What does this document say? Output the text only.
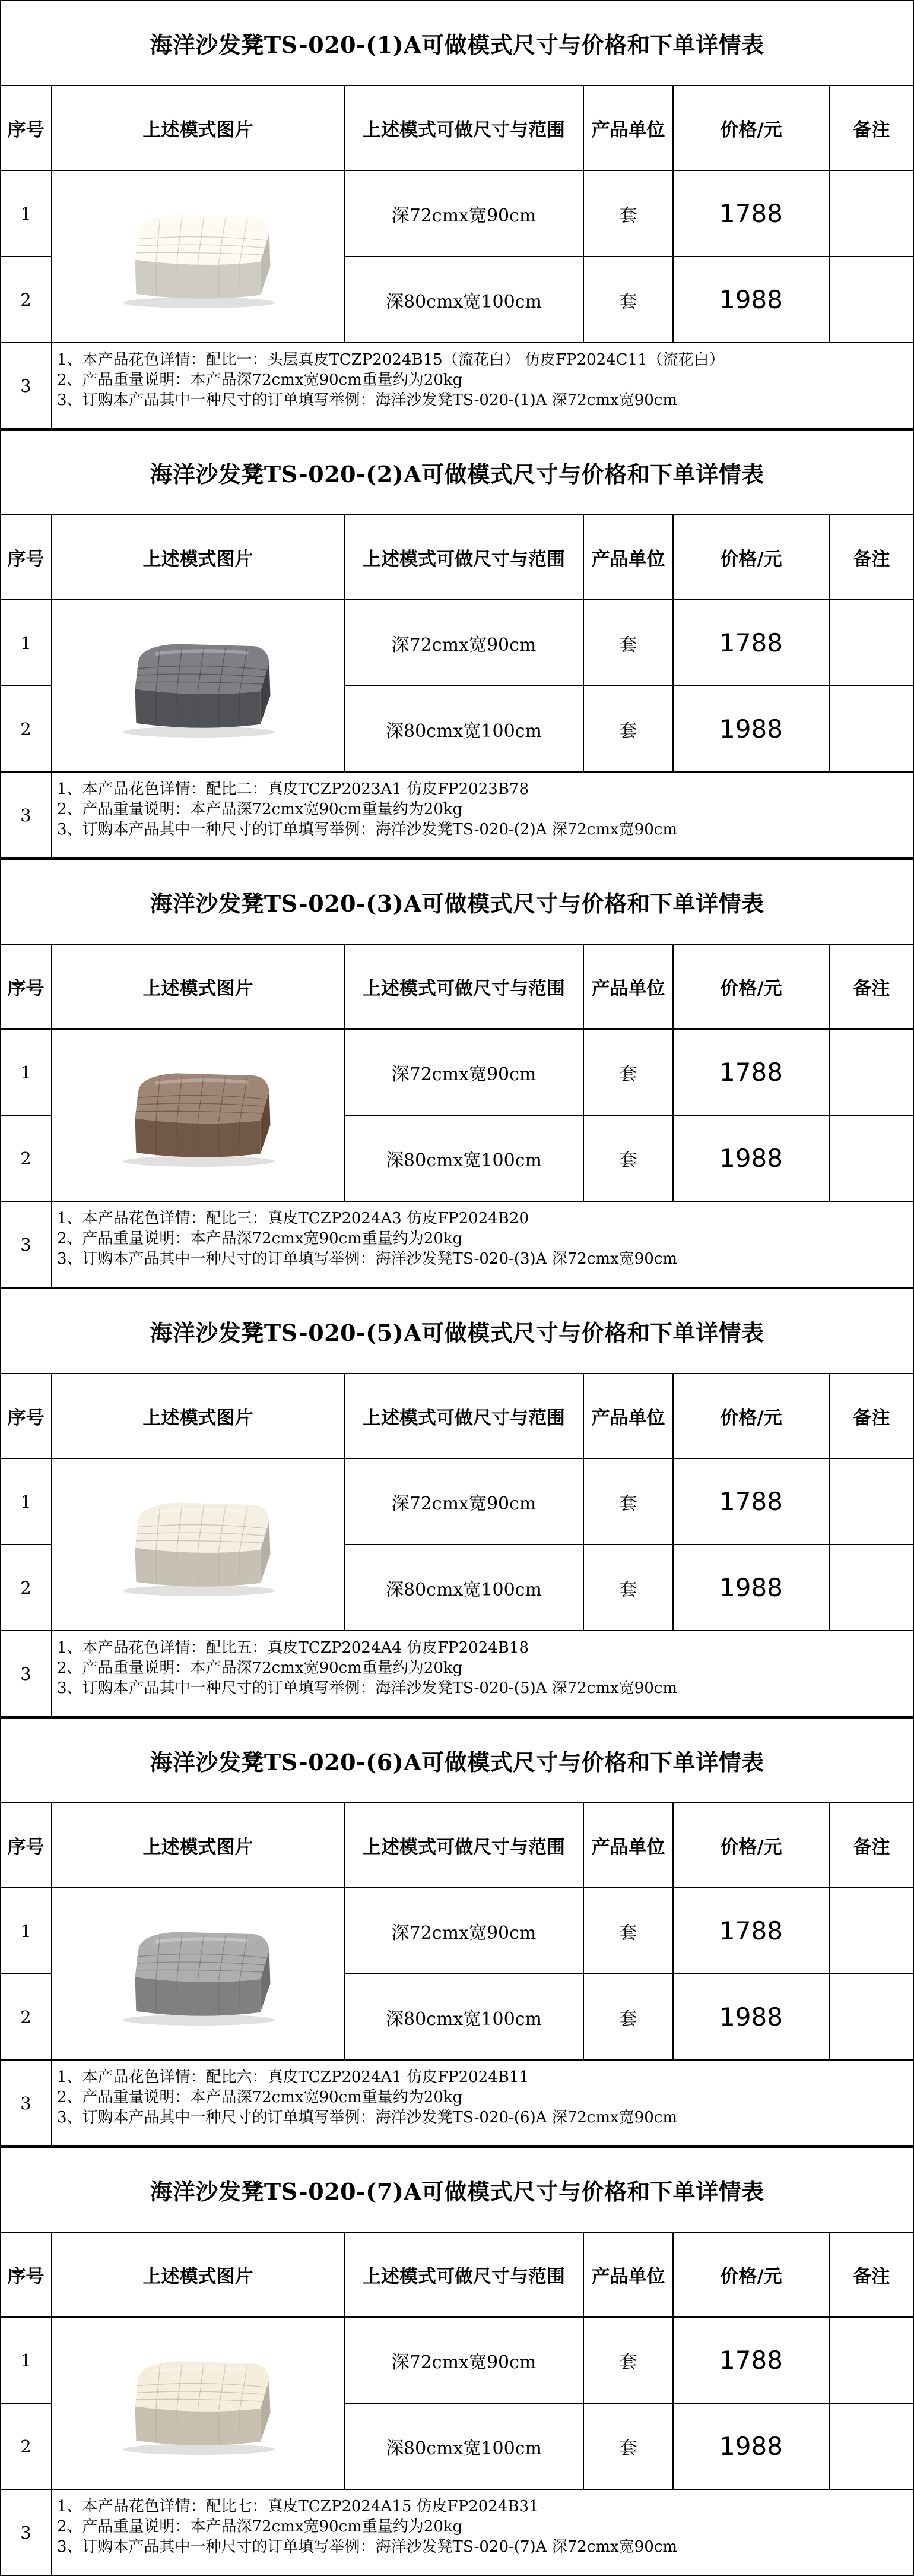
海洋沙发凳TS-020-(1)A可做模式尺寸与价格和下单详情表
序号	上述模式图片	上述模式可做尺寸与范围	产品单位	价格/元	备注
1	深72cmx宽90cm	套	1788
2	深80cmx宽100cm	套	1988
3
1、本产品花色详情：配比一：头层真皮TCZP2024B15（流花白） 仿皮FP2024C11（流花白）
2、产品重量说明：本产品深72cmx宽90cm重量约为20kg
3、订购本产品其中一种尺寸的订单填写举例：海洋沙发凳TS-020-(1)A 深72cmx宽90cm
海洋沙发凳TS-020-(2)A可做模式尺寸与价格和下单详情表
序号	上述模式图片	上述模式可做尺寸与范围	产品单位	价格/元	备注
1	深72cmx宽90cm	套	1788
2	深80cmx宽100cm	套	1988
3
1、本产品花色详情：配比二：真皮TCZP2023A1 仿皮FP2023B78
2、产品重量说明：本产品深72cmx宽90cm重量约为20kg
3、订购本产品其中一种尺寸的订单填写举例：海洋沙发凳TS-020-(2)A 深72cmx宽90cm
海洋沙发凳TS-020-(3)A可做模式尺寸与价格和下单详情表
序号	上述模式图片	上述模式可做尺寸与范围	产品单位	价格/元	备注
1	深72cmx宽90cm	套	1788
2	深80cmx宽100cm	套	1988
3
1、本产品花色详情：配比三：真皮TCZP2024A3 仿皮FP2024B20
2、产品重量说明：本产品深72cmx宽90cm重量约为20kg
3、订购本产品其中一种尺寸的订单填写举例：海洋沙发凳TS-020-(3)A 深72cmx宽90cm
海洋沙发凳TS-020-(5)A可做模式尺寸与价格和下单详情表
序号	上述模式图片	上述模式可做尺寸与范围	产品单位	价格/元	备注
1	深72cmx宽90cm	套	1788
2	深80cmx宽100cm	套	1988
3
1、本产品花色详情：配比五：真皮TCZP2024A4 仿皮FP2024B18
2、产品重量说明：本产品深72cmx宽90cm重量约为20kg
3、订购本产品其中一种尺寸的订单填写举例：海洋沙发凳TS-020-(5)A 深72cmx宽90cm
海洋沙发凳TS-020-(6)A可做模式尺寸与价格和下单详情表
序号	上述模式图片	上述模式可做尺寸与范围	产品单位	价格/元	备注
1	深72cmx宽90cm	套	1788
2	深80cmx宽100cm	套	1988
3
1、本产品花色详情：配比六：真皮TCZP2024A1 仿皮FP2024B11
2、产品重量说明：本产品深72cmx宽90cm重量约为20kg
3、订购本产品其中一种尺寸的订单填写举例：海洋沙发凳TS-020-(6)A 深72cmx宽90cm
海洋沙发凳TS-020-(7)A可做模式尺寸与价格和下单详情表
序号	上述模式图片	上述模式可做尺寸与范围	产品单位	价格/元	备注
1	深72cmx宽90cm	套	1788
2	深80cmx宽100cm	套	1988
3
1、本产品花色详情：配比七：真皮TCZP2024A15 仿皮FP2024B31
2、产品重量说明：本产品深72cmx宽90cm重量约为20kg
3、订购本产品其中一种尺寸的订单填写举例：海洋沙发凳TS-020-(7)A 深72cmx宽90cm
